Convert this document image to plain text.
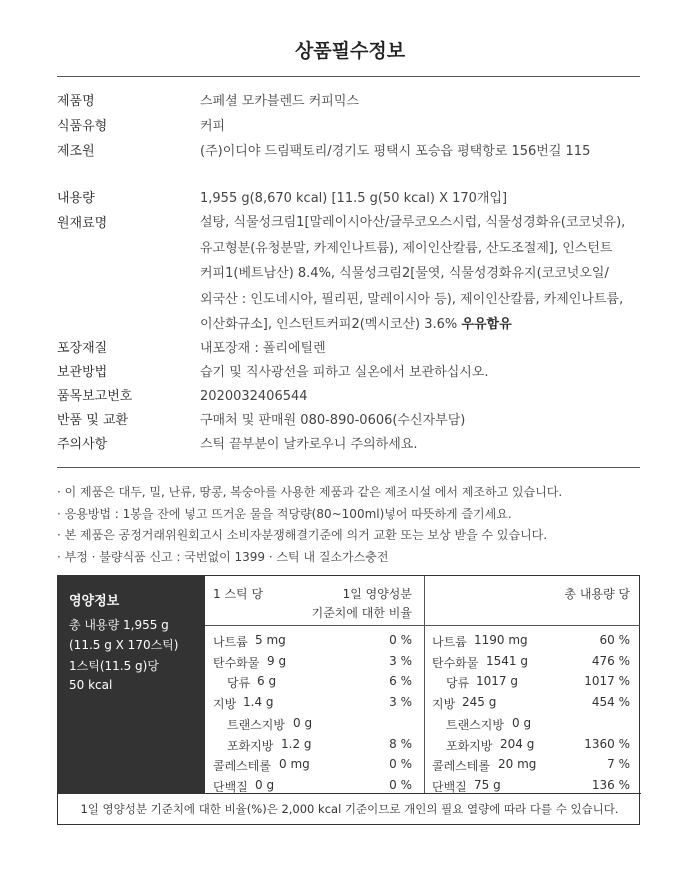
상품필수정보
제품명	스페셜 모카블렌드 커피믹스
식품유형	커피
제조원	(주)이디야 드림팩토리/경기도 평택시 포승읍 평택항로 156번길 115
내용량	1,955 g(8,670 kcal) [11.5 g(50 kcal) X 170개입]
원재료명	설탕, 식물성크림1[말레이시아산/글루코오스시럽, 식물성경화유(코코넛유),
유고형분(유청분말, 카제인나트륨), 제이인산칼륨, 산도조절제], 인스턴트
커피1(베트남산) 8.4%, 식물성크림2[물엿, 식물성경화유지(코코넛오일/
외국산 : 인도네시아, 필리핀, 말레이시아 등), 제이인산칼륨, 카제인나트륨,
이산화규소], 인스턴트커피2(멕시코산) 3.6% 우유함유
포장재질	내포장재 : 폴리에틸렌
보관방법	습기 및 직사광선을 피하고 실온에서 보관하십시오.
품목보고번호	2020032406544
반품 및 교환	구매처 및 판매원 080-890-0606(수신자부담)
주의사항	스틱 끝부분이 날카로우니 주의하세요.
· 이 제품은 대두, 밀, 난류, 땅콩, 복숭아를 사용한 제품과 같은 제조시설 에서 제조하고 있습니다.
· 응용방법 : 1봉을 잔에 넣고 뜨거운 물을 적당량(80~100ml)넣어 따뜻하게 즐기세요.
· 본 제품은 공정거래위원회고시 소비자분쟁해결기준에 의거 교환 또는 보상 받을 수 있습니다.
· 부정 · 불량식품 신고 : 국번없이 1399 · 스틱 내 질소가스충전
영양정보
총 내용량 1,955 g
(11.5 g X 170스틱)
1스틱(11.5 g)당
50 kcal
1 스틱 당	1일 영양성분
기준치에 대한 비율
총 내용량 당
나트륨 5 mg	0 % 나트륨 1190 mg	60 %
탄수화물 9 g	3 % 탄수화물 1541 g	476 %
당류 6 g	6 %	당류 1017 g	1017 %
지방 1.4 g	3 % 지방 245 g	454 %
트랜스지방 0 g	트랜스지방 0 g
포화지방 1.2 g	8 %	포화지방 204 g	1360 %
콜레스테롤 0 mg	0 % 콜레스테롤 20 mg	7 %
단백질 0 g	0 % 단백질 75 g	136 %
1일 영양성분 기준치에 대한 비율(%)은 2,000 kcal 기준이므로 개인의 필요 열량에 따라 다를 수 있습니다.
